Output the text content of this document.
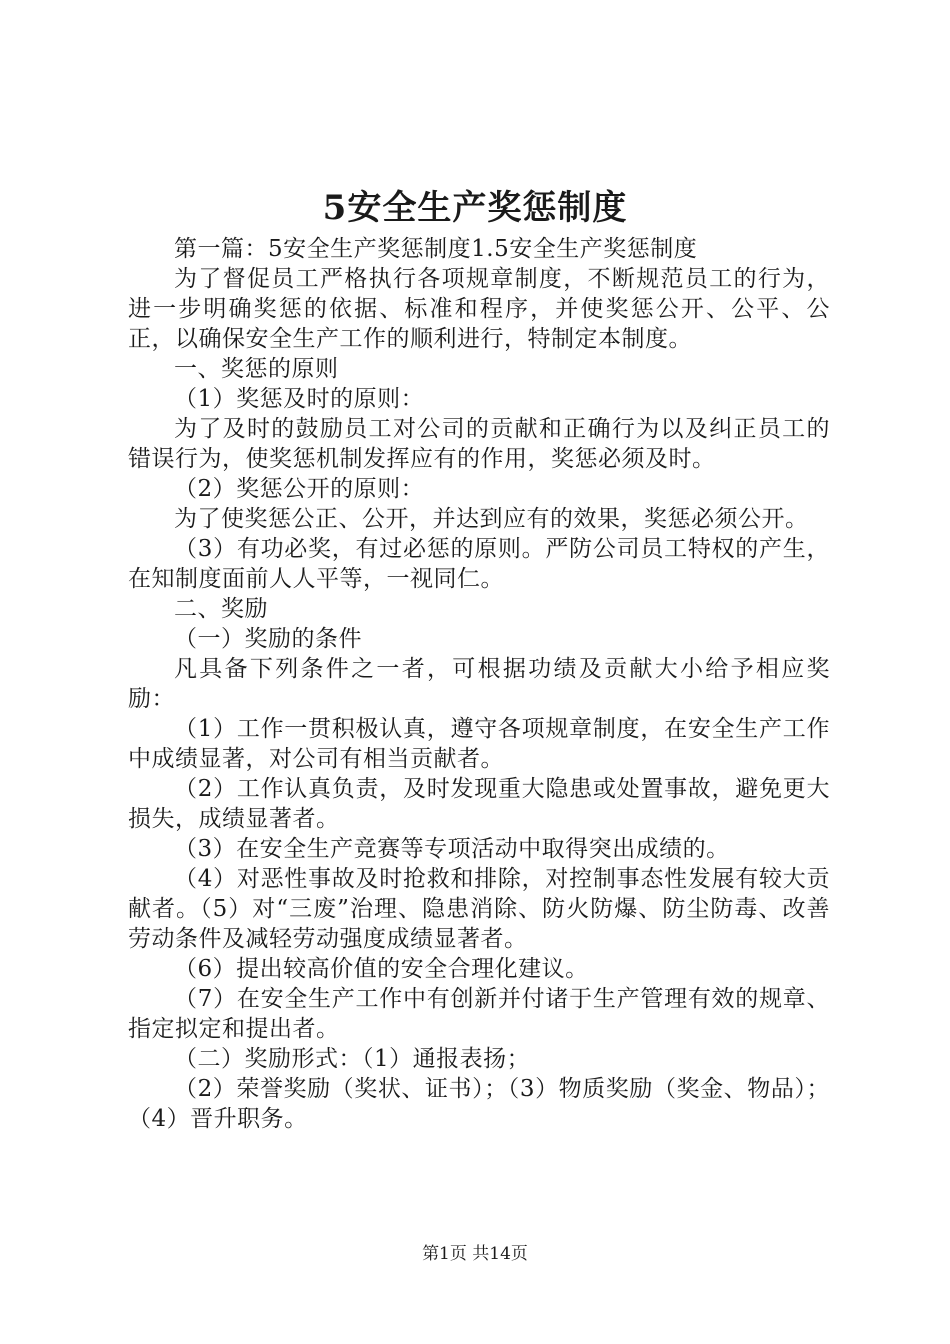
5安全生产奖惩制度

第一篇：5安全生产奖惩制度1.5安全生产奖惩制度

为了督促员工严格执行各项规章制度，不断规范员工的行为，进一步明确奖惩的依据、标准和程序，并使奖惩公开、公平、公正，以确保安全生产工作的顺利进行，特制定本制度。

一、奖惩的原则

（1）奖惩及时的原则：

为了及时的鼓励员工对公司的贡献和正确行为以及纠正员工的错误行为，使奖惩机制发挥应有的作用，奖惩必须及时。

（2）奖惩公开的原则：

为了使奖惩公正、公开，并达到应有的效果，奖惩必须公开。

（3）有功必奖，有过必惩的原则。严防公司员工特权的产生，在知制度面前人人平等，一视同仁。

二、奖励

（一）奖励的条件

凡具备下列条件之一者，可根据功绩及贡献大小给予相应奖励：

（1）工作一贯积极认真，遵守各项规章制度，在安全生产工作中成绩显著，对公司有相当贡献者。

（2）工作认真负责，及时发现重大隐患或处置事故，避免更大损失，成绩显著者。

（3）在安全生产竞赛等专项活动中取得突出成绩的。

（4）对恶性事故及时抢救和排除，对控制事态性发展有较大贡献者。（5）对“三废”治理、隐患消除、防火防爆、防尘防毒、改善劳动条件及减轻劳动强度成绩显著者。

（6）提出较高价值的安全合理化建议。

（7）在安全生产工作中有创新并付诸于生产管理有效的规章、指定拟定和提出者。

（二）奖励形式：（1）通报表扬；

（2）荣誉奖励（奖状、证书）；（3）物质奖励（奖金、物品）；（4）晋升职务。

第1页 共14页
